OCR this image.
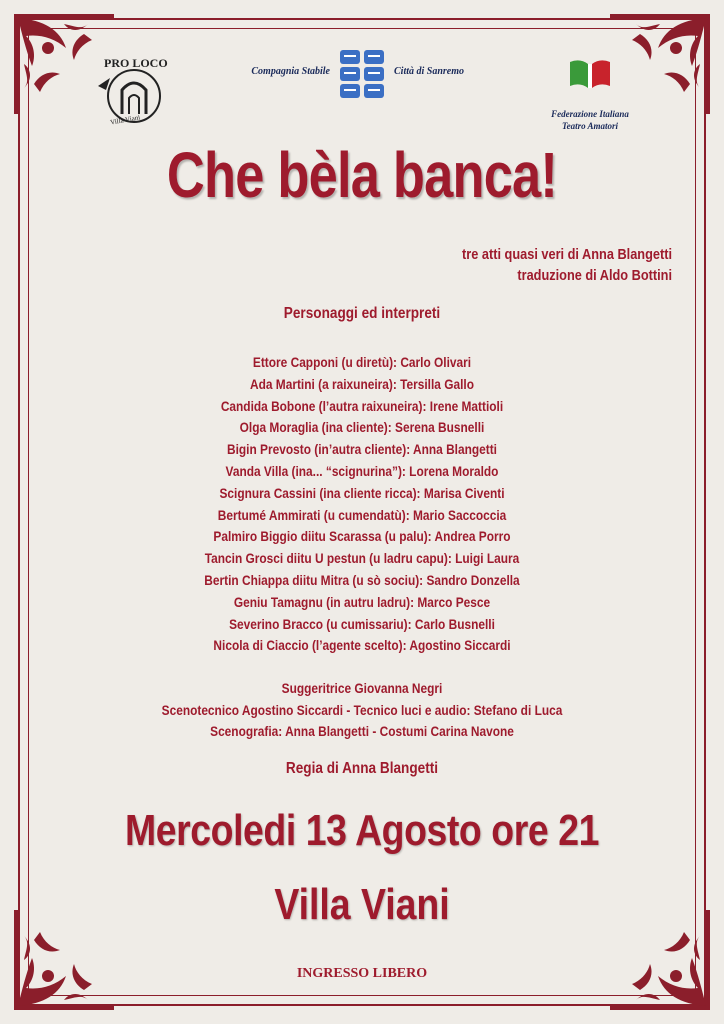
PRO LOCO
Villa Viani
Compagnia Stabile	Città di Sanremo
Federazione Italiana
Teatro Amatori
Che bèla banca!
tre atti quasi veri di Anna Blangetti
traduzione di Aldo Bottini
Personaggi ed interpreti
Ettore Capponi (u diretù): Carlo Olivari
Ada Martini (a raixuneira): Tersilla Gallo
Candida Bobone (l’autra raixuneira): Irene Mattioli
Olga Moraglia (ina cliente): Serena Busnelli
Bigin Prevosto (in’autra cliente): Anna Blangetti
Vanda Villa (ina... “scignurina”): Lorena Moraldo
Scignura Cassini (ina cliente ricca): Marisa Civenti
Bertumé Ammirati (u cumendatù): Mario Saccoccia
Palmiro Biggio diitu Scarassa (u palu): Andrea Porro
Tancin Grosci diitu U pestun (u ladru capu): Luigi Laura
Bertin Chiappa diitu Mitra (u sò sociu): Sandro Donzella
Geniu Tamagnu (in autru ladru): Marco Pesce
Severino Bracco (u cumissariu): Carlo Busnelli
Nicola di Ciaccio (l’agente scelto): Agostino Siccardi
Suggeritrice Giovanna Negri
Scenotecnico Agostino Siccardi - Tecnico luci e audio: Stefano di Luca
Scenografia: Anna Blangetti - Costumi Carina Navone
Regia di Anna Blangetti
Mercoledi 13 Agosto ore 21
Villa Viani
INGRESSO LIBERO
